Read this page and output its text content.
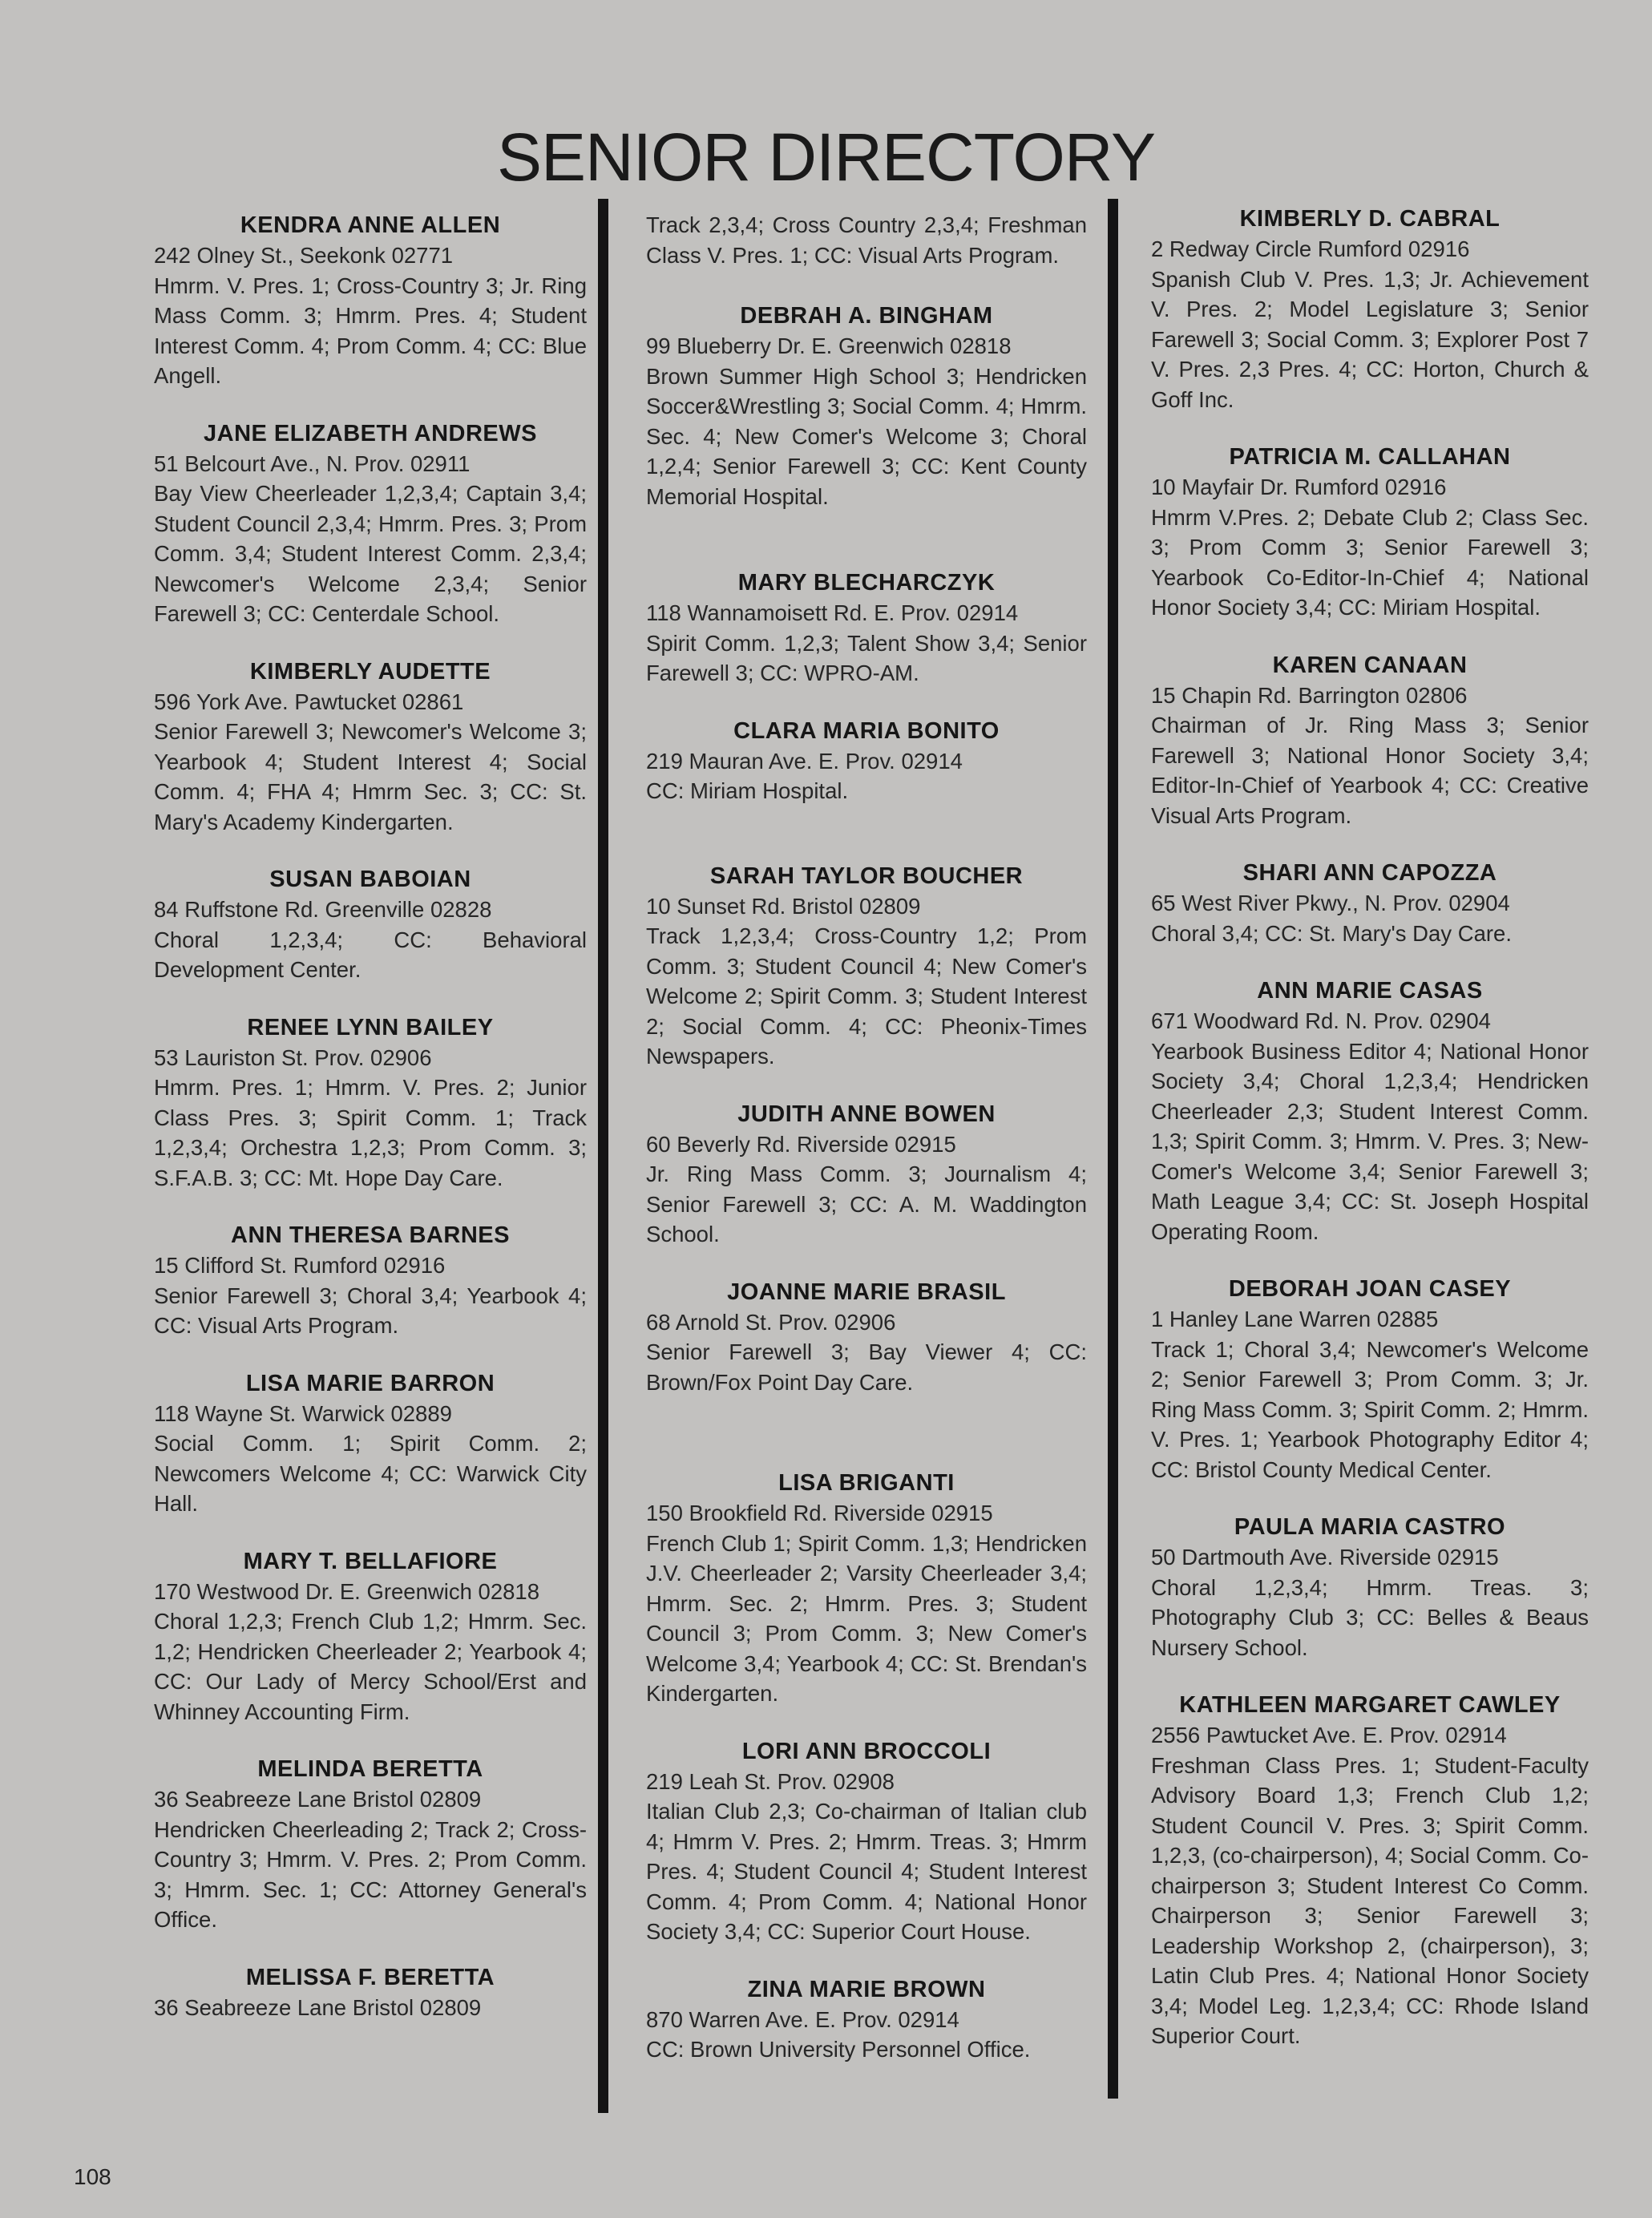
SENIOR DIRECTORY
KENDRA ANNE ALLEN
242 Olney St., Seekonk 02771
Hmrm. V. Pres. 1; Cross-Country 3; Jr. Ring Mass Comm. 3; Hmrm. Pres. 4; Student Interest Comm. 4; Prom Comm. 4; CC: Blue Angell.
JANE ELIZABETH ANDREWS
51 Belcourt Ave., N. Prov. 02911
Bay View Cheerleader 1,2,3,4; Captain 3,4; Student Council 2,3,4; Hmrm. Pres. 3; Prom Comm. 3,4; Student Interest Comm. 2,3,4; Newcomer's Welcome 2,3,4; Senior Farewell 3; CC: Centerdale School.
KIMBERLY AUDETTE
596 York Ave. Pawtucket 02861
Senior Farewell 3; Newcomer's Welcome 3; Yearbook 4; Student Interest 4; Social Comm. 4; FHA 4; Hmrm Sec. 3; CC: St. Mary's Academy Kindergarten.
SUSAN BABOIAN
84 Ruffstone Rd. Greenville 02828
Choral 1,2,3,4; CC: Behavioral Development Center.
RENEE LYNN BAILEY
53 Lauriston St. Prov. 02906
Hmrm. Pres. 1; Hmrm. V. Pres. 2; Junior Class Pres. 3; Spirit Comm. 1; Track 1,2,3,4; Orchestra 1,2,3; Prom Comm. 3; S.F.A.B. 3; CC: Mt. Hope Day Care.
ANN THERESA BARNES
15 Clifford St. Rumford 02916
Senior Farewell 3; Choral 3,4; Yearbook 4; CC: Visual Arts Program.
LISA MARIE BARRON
118 Wayne St. Warwick 02889
Social Comm. 1; Spirit Comm. 2; Newcomers Welcome 4; CC: Warwick City Hall.
MARY T. BELLAFIORE
170 Westwood Dr. E. Greenwich 02818
Choral 1,2,3; French Club 1,2; Hmrm. Sec. 1,2; Hendricken Cheerleader 2; Yearbook 4; CC: Our Lady of Mercy School/Erst and Whinney Accounting Firm.
MELINDA BERETTA
36 Seabreeze Lane Bristol 02809
Hendricken Cheerleading 2; Track 2; Cross-Country 3; Hmrm. V. Pres. 2; Prom Comm. 3; Hmrm. Sec. 1; CC: Attorney General's Office.
MELISSA F. BERETTA
36 Seabreeze Lane Bristol 02809
Track 2,3,4; Cross Country 2,3,4; Freshman Class V. Pres. 1; CC: Visual Arts Program.
DEBRAH A. BINGHAM
99 Blueberry Dr. E. Greenwich 02818
Brown Summer High School 3; Hendricken Soccer&Wrestling 3; Social Comm. 4; Hmrm. Sec. 4; New Comer's Welcome 3; Choral 1,2,4; Senior Farewell 3; CC: Kent County Memorial Hospital.
MARY BLECHARCZYK
118 Wannamoisett Rd. E. Prov. 02914
Spirit Comm. 1,2,3; Talent Show 3,4; Senior Farewell 3; CC: WPRO-AM.
CLARA MARIA BONITO
219 Mauran Ave. E. Prov. 02914
CC: Miriam Hospital.
SARAH TAYLOR BOUCHER
10 Sunset Rd. Bristol 02809
Track 1,2,3,4; Cross-Country 1,2; Prom Comm. 3; Student Council 4; New Comer's Welcome 2; Spirit Comm. 3; Student Interest 2; Social Comm. 4; CC: Pheonix-Times Newspapers.
JUDITH ANNE BOWEN
60 Beverly Rd. Riverside 02915
Jr. Ring Mass Comm. 3; Journalism 4; Senior Farewell 3; CC: A. M. Waddington School.
JOANNE MARIE BRASIL
68 Arnold St. Prov. 02906
Senior Farewell 3; Bay Viewer 4; CC: Brown/Fox Point Day Care.
LISA BRIGANTI
150 Brookfield Rd. Riverside 02915
French Club 1; Spirit Comm. 1,3; Hendricken J.V. Cheerleader 2; Varsity Cheerleader 3,4; Hmrm. Sec. 2; Hmrm. Pres. 3; Student Council 3; Prom Comm. 3; New Comer's Welcome 3,4; Yearbook 4; CC: St. Brendan's Kindergarten.
LORI ANN BROCCOLI
219 Leah St. Prov. 02908
Italian Club 2,3; Co-chairman of Italian club 4; Hmrm V. Pres. 2; Hmrm. Treas. 3; Hmrm Pres. 4; Student Council 4; Student Interest Comm. 4; Prom Comm. 4; National Honor Society 3,4; CC: Superior Court House.
ZINA MARIE BROWN
870 Warren Ave. E. Prov. 02914
CC: Brown University Personnel Office.
KIMBERLY D. CABRAL
2 Redway Circle Rumford 02916
Spanish Club V. Pres. 1,3; Jr. Achievement V. Pres. 2; Model Legislature 3; Senior Farewell 3; Social Comm. 3; Explorer Post 7 V. Pres. 2,3 Pres. 4; CC: Horton, Church & Goff Inc.
PATRICIA M. CALLAHAN
10 Mayfair Dr. Rumford 02916
Hmrm V.Pres. 2; Debate Club 2; Class Sec. 3; Prom Comm 3; Senior Farewell 3; Yearbook Co-Editor-In-Chief 4; National Honor Society 3,4; CC: Miriam Hospital.
KAREN CANAAN
15 Chapin Rd. Barrington 02806
Chairman of Jr. Ring Mass 3; Senior Farewell 3; National Honor Society 3,4; Editor-In-Chief of Yearbook 4; CC: Creative Visual Arts Program.
SHARI ANN CAPOZZA
65 West River Pkwy., N. Prov. 02904
Choral 3,4; CC: St. Mary's Day Care.
ANN MARIE CASAS
671 Woodward Rd. N. Prov. 02904
Yearbook Business Editor 4; National Honor Society 3,4; Choral 1,2,3,4; Hendricken Cheerleader 2,3; Student Interest Comm. 1,3; Spirit Comm. 3; Hmrm. V. Pres. 3; New-Comer's Welcome 3,4; Senior Farewell 3; Math League 3,4; CC: St. Joseph Hospital Operating Room.
DEBORAH JOAN CASEY
1 Hanley Lane Warren 02885
Track 1; Choral 3,4; Newcomer's Welcome 2; Senior Farewell 3; Prom Comm. 3; Jr. Ring Mass Comm. 3; Spirit Comm. 2; Hmrm. V. Pres. 1; Yearbook Photography Editor 4; CC: Bristol County Medical Center.
PAULA MARIA CASTRO
50 Dartmouth Ave. Riverside 02915
Choral 1,2,3,4; Hmrm. Treas. 3; Photography Club 3; CC: Belles & Beaus Nursery School.
KATHLEEN MARGARET CAWLEY
2556 Pawtucket Ave. E. Prov. 02914
Freshman Class Pres. 1; Student-Faculty Advisory Board 1,3; French Club 1,2; Student Council V. Pres. 3; Spirit Comm. 1,2,3, (co-chairperson), 4; Social Comm. Co-chairperson 3; Student Interest Co Comm. Chairperson 3; Senior Farewell 3; Leadership Workshop 2, (chairperson), 3; Latin Club Pres. 4; National Honor Society 3,4; Model Leg. 1,2,3,4; CC: Rhode Island Superior Court.
108
